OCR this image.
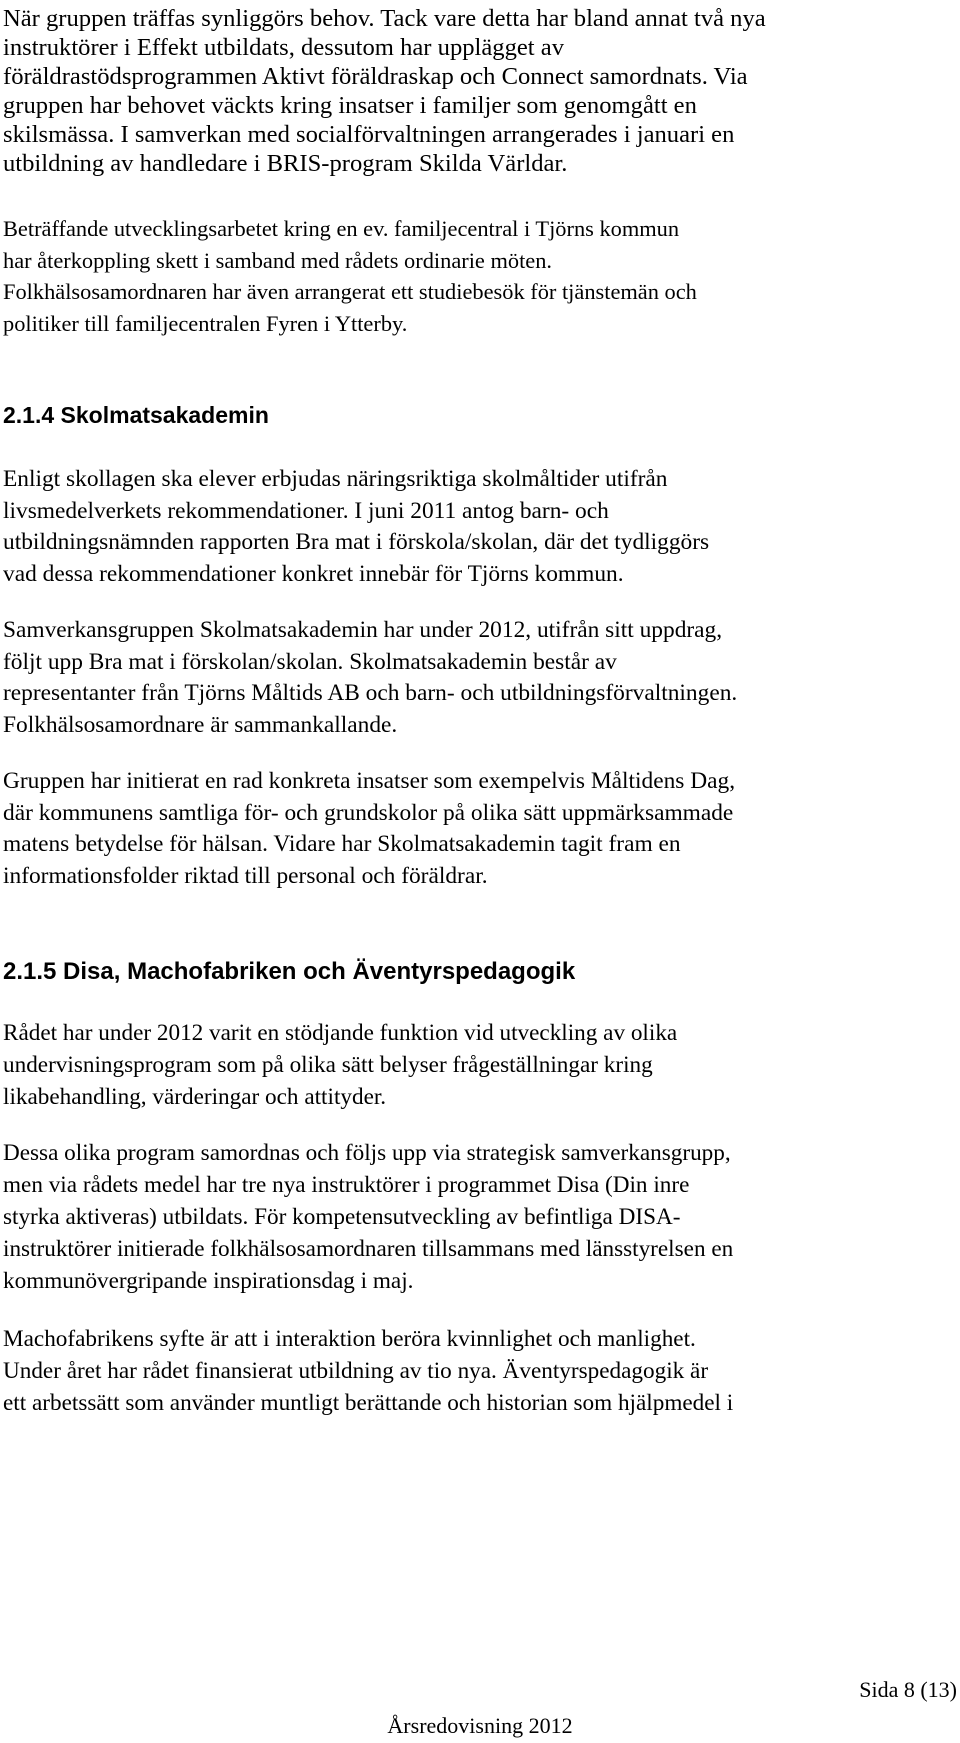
När gruppen träffas synliggörs behov. Tack vare detta har bland annat två nya
instruktörer i Effekt utbildats, dessutom har upplägget av
föräldrastödsprogrammen Aktivt föräldraskap och Connect samordnats. Via
gruppen har behovet väckts kring insatser i familjer som genomgått en
skilsmässa. I samverkan med socialförvaltningen arrangerades i januari en
utbildning av handledare i BRIS-program Skilda Världar.
Beträffande utvecklingsarbetet kring en ev. familjecentral i Tjörns kommun
har återkoppling skett i samband med rådets ordinarie möten.
Folkhälsosamordnaren har även arrangerat ett studiebesök för tjänstemän och
politiker till familjecentralen Fyren i Ytterby.
2.1.4 Skolmatsakademin
Enligt skollagen ska elever erbjudas näringsriktiga skolmåltider utifrån
livsmedelverkets rekommendationer. I juni 2011 antog barn- och
utbildningsnämnden rapporten Bra mat i förskola/skolan, där det tydliggörs
vad dessa rekommendationer konkret innebär för Tjörns kommun.
Samverkansgruppen Skolmatsakademin har under 2012, utifrån sitt uppdrag,
följt upp Bra mat i förskolan/skolan. Skolmatsakademin består av
representanter från Tjörns Måltids AB och barn- och utbildningsförvaltningen.
Folkhälsosamordnare är sammankallande.
Gruppen har initierat en rad konkreta insatser som exempelvis Måltidens Dag,
där kommunens samtliga för- och grundskolor på olika sätt uppmärksammade
matens betydelse för hälsan. Vidare har Skolmatsakademin tagit fram en
informationsfolder riktad till personal och föräldrar.
2.1.5 Disa, Machofabriken och Äventyrspedagogik
Rådet har under 2012 varit en stödjande funktion vid utveckling av olika
undervisningsprogram som på olika sätt belyser frågeställningar kring
likabehandling, värderingar och attityder.
Dessa olika program samordnas och följs upp via strategisk samverkansgrupp,
men via rådets medel har tre nya instruktörer i programmet Disa (Din inre
styrka aktiveras) utbildats. För kompetensutveckling av befintliga DISA-
instruktörer initierade folkhälsosamordnaren tillsammans med länsstyrelsen en
kommunövergripande inspirationsdag i maj.
Machofabrikens syfte är att i interaktion beröra kvinnlighet och manlighet.
Under året har rådet finansierat utbildning av tio nya. Äventyrspedagogik är
ett arbetssätt som använder muntligt berättande och historian som hjälpmedel i
Sida 8 (13)
Årsredovisning 2012
